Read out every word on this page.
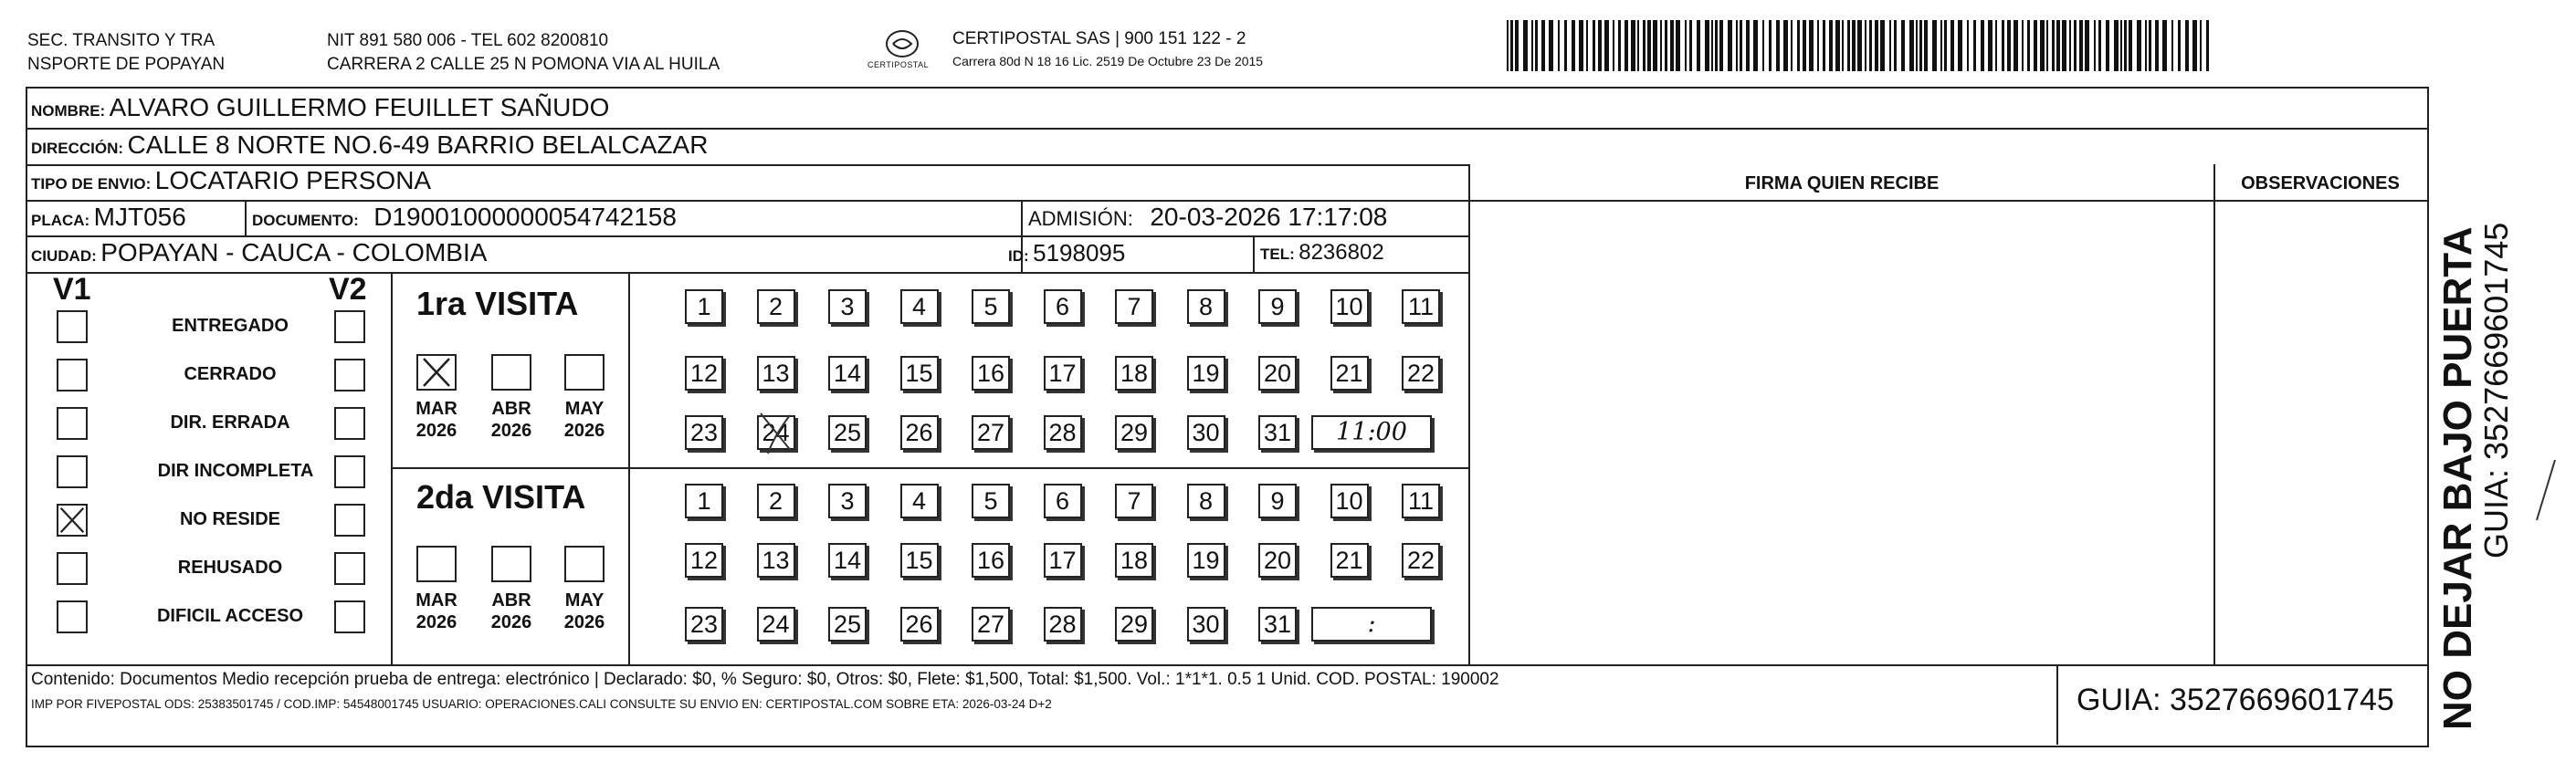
SEC. TRANSITO Y TRA
NSPORTE DE POPAYAN
NIT 891 580 006 - TEL 602 8200810
CARRERA 2 CALLE 25 N POMONA VIA AL HUILA	CERTIPOSTAL
CERTIPOSTAL SAS | 900 151 122 - 2
Carrera 80d N 18 16 Lic. 2519 De Octubre 23 De 2015
NOMBRE: ALVARO GUILLERMO FEUILLET SAÑUDO
DIRECCIÓN: CALLE 8 NORTE NO.6-49 BARRIO BELALCAZAR
TIPO DE ENVIO: LOCATARIO PERSONA	FIRMA QUIEN RECIBE	OBSERVACIONES
PLACA: MJT056	DOCUMENTO: D19001000000054742158	ADMISIÓN: 20-03-2026 17:17:08
CIUDAD: POPAYAN - CAUCA - COLOMBIA	ID: 5198095	TEL: 8236802
V1	V2
ENTREGADO
CERRADO
DIR. ERRADA
DIR INCOMPLETA
NO RESIDE
REHUSADO
DIFICIL ACCESO
1ra VISITA
MAR
2026
ABR
2026
MAY
2026
1	2	3	4	5	6	7	8	9	10 11
12 13 14 15 16 17 18 19 20 21 22
23 24 25 26 27 28 29 30 31	11:00
2da VISITA
MAR
2026
ABR
2026
MAY
2026
1	2	3	4	5	6	7	8	9	10 11
12 13 14 15 16 17 18 19 20 21 22
23 24 25 26 27 28 29 30 31	:
Contenido: Documentos Medio recepción prueba de entrega: electrónico | Declarado: $0, % Seguro: $0, Otros: $0, Flete: $1,500, Total: $1,500. Vol.: 1*1*1. 0.5 1 Unid. COD. POSTAL: 190002
IMP POR FIVEPOSTAL ODS: 25383501745 / COD.IMP: 54548001745 USUARIO: OPERACIONES.CALI CONSULTE SU ENVIO EN: CERTIPOSTAL.COM SOBRE ETA: 2026-03-24 D+2	GUIA: 3527669601745 NO DEJAR BAJO PUERTA
GUIA: 3527669601745
